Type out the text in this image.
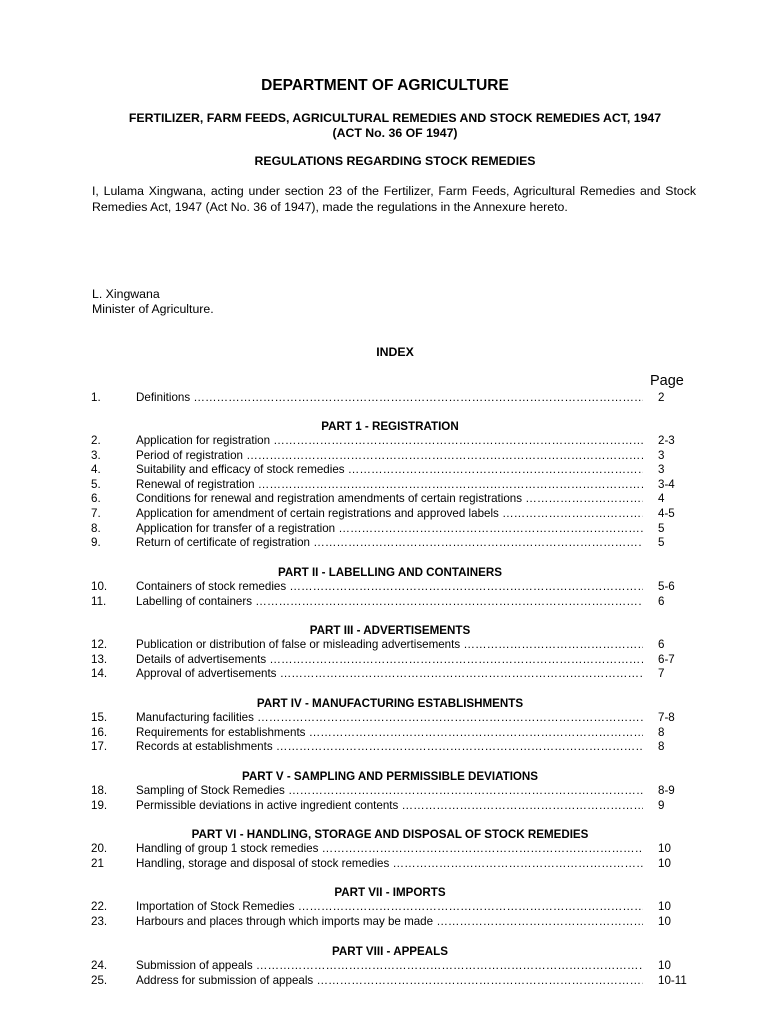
DEPARTMENT OF AGRICULTURE
FERTILIZER, FARM FEEDS, AGRICULTURAL REMEDIES AND STOCK REMEDIES ACT, 1947
(ACT No. 36 OF 1947)
REGULATIONS REGARDING STOCK REMEDIES
I, Lulama Xingwana, acting under section 23 of the Fertilizer, Farm Feeds, Agricultural Remedies and Stock Remedies Act, 1947 (Act No. 36 of 1947), made the regulations in the Annexure hereto.
L. Xingwana
Minister of Agriculture.
INDEX
Page
1.	Definitions ………………………………………………………………………………………………………………………………………………………………………………	2
PART 1 - REGISTRATION
2.	Application for registration ………………………………………………………………………………………………………………………………………………………………………………	2-3
3.	Period of registration ………………………………………………………………………………………………………………………………………………………………………………	3
4.	Suitability and efficacy of stock remedies ………………………………………………………………………………………………………………………………………………………………………………	3
5.	Renewal of registration ………………………………………………………………………………………………………………………………………………………………………………	3-4
6.	Conditions for renewal and registration amendments of certain registrations ………………………………………………………………………………………………………………………………………………………………………………	4
7.	Application for amendment of certain registrations and approved labels ………………………………………………………………………………………………………………………………………………………………………………	4-5
8.	Application for transfer of a registration ………………………………………………………………………………………………………………………………………………………………………………	5
9.	Return of certificate of registration ………………………………………………………………………………………………………………………………………………………………………………	5
PART II - LABELLING AND CONTAINERS
10. Containers of stock remedies ………………………………………………………………………………………………………………………………………………………………………………	5-6
11.	Labelling of containers ………………………………………………………………………………………………………………………………………………………………………………	6
PART III - ADVERTISEMENTS
12. Publication or distribution of false or misleading advertisements ………………………………………………………………………………………………………………………………………………………………………………	6
13. Details of advertisements ………………………………………………………………………………………………………………………………………………………………………………	6-7
14. Approval of advertisements ………………………………………………………………………………………………………………………………………………………………………………	7
PART IV - MANUFACTURING ESTABLISHMENTS
15. Manufacturing facilities ………………………………………………………………………………………………………………………………………………………………………………	7-8
16. Requirements for establishments ………………………………………………………………………………………………………………………………………………………………………………	8
17. Records at establishments ………………………………………………………………………………………………………………………………………………………………………………	8
PART V - SAMPLING AND PERMISSIBLE DEVIATIONS
18. Sampling of Stock Remedies ………………………………………………………………………………………………………………………………………………………………………………	8-9
19. Permissible deviations in active ingredient contents ………………………………………………………………………………………………………………………………………………………………………………	9
PART VI - HANDLING, STORAGE AND DISPOSAL OF STOCK REMEDIES
20. Handling of group 1 stock remedies ………………………………………………………………………………………………………………………………………………………………………………	10
21	Handling, storage and disposal of stock remedies ………………………………………………………………………………………………………………………………………………………………………………	10
PART VII - IMPORTS
22. Importation of Stock Remedies ………………………………………………………………………………………………………………………………………………………………………………	10
23. Harbours and places through which imports may be made ………………………………………………………………………………………………………………………………………………………………………………	10
PART VIII - APPEALS
24. Submission of appeals ………………………………………………………………………………………………………………………………………………………………………………	10
25. Address for submission of appeals ………………………………………………………………………………………………………………………………………………………………………………	10-11
